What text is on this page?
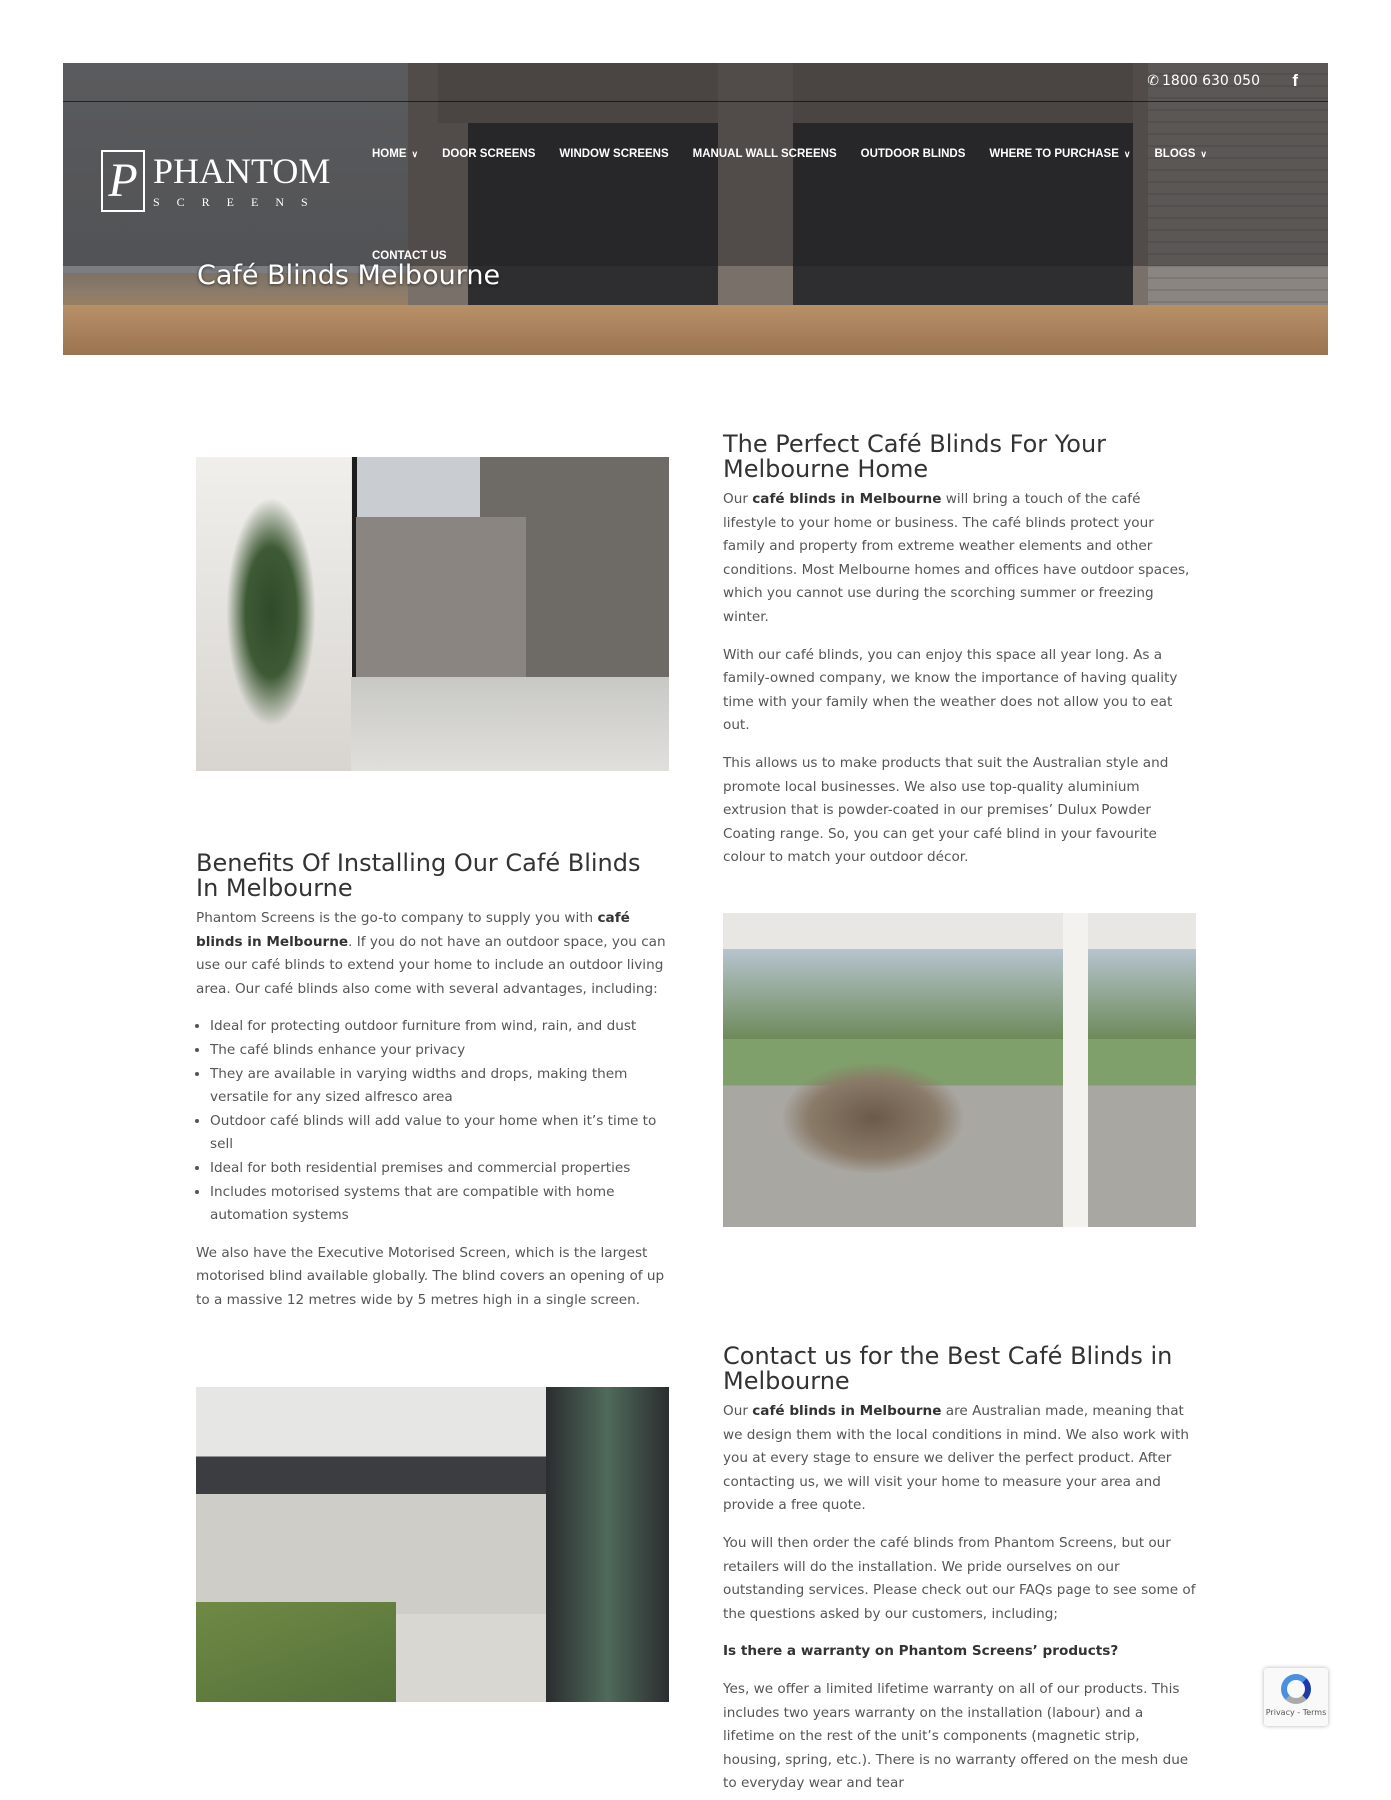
✆ 1800 630 050 f
P PHANTOM
SCREENS
HOME ∨ DOOR SCREENS WINDOW SCREENS MANUAL WALL SCREENS OUTDOOR BLINDS WHERE TO PURCHASE ∨ BLOGS ∨
CONTACT US
Café Blinds Melbourne
The Perfect Café Blinds For Your Melbourne Home

Our café blinds in Melbourne will bring a touch of the café lifestyle to your home or business. The café blinds protect your family and property from extreme weather elements and other conditions. Most Melbourne homes and offices have outdoor spaces, which you cannot use during the scorching summer or freezing winter.

With our café blinds, you can enjoy this space all year long. As a family-owned company, we know the importance of having quality time with your family when the weather does not allow you to eat out.

This allows us to make products that suit the Australian style and promote local businesses. We also use top-quality aluminium extrusion that is powder-coated in our premises’ Dulux Powder Coating range. So, you can get your café blind in your favourite colour to match your outdoor décor.

Benefits Of Installing Our Café Blinds In Melbourne

Phantom Screens is the go-to company to supply you with café blinds in Melbourne. If you do not have an outdoor space, you can use our café blinds to extend your home to include an outdoor living area. Our café blinds also come with several advantages, including:

• Ideal for protecting outdoor furniture from wind, rain, and dust
• The café blinds enhance your privacy
• They are available in varying widths and drops, making them versatile for any sized alfresco area
• Outdoor café blinds will add value to your home when it’s time to sell
• Ideal for both residential premises and commercial properties
• Includes motorised systems that are compatible with home automation systems

We also have the Executive Motorised Screen, which is the largest motorised blind available globally. The blind covers an opening of up to a massive 12 metres wide by 5 metres high in a single screen.

Contact us for the Best Café Blinds in Melbourne

Our café blinds in Melbourne are Australian made, meaning that we design them with the local conditions in mind. We also work with you at every stage to ensure we deliver the perfect product. After contacting us, we will visit your home to measure your area and provide a free quote.

You will then order the café blinds from Phantom Screens, but our retailers will do the installation. We pride ourselves on our outstanding services. Please check out our FAQs page to see some of the questions asked by our customers, including;

Is there a warranty on Phantom Screens’ products?

Yes, we offer a limited lifetime warranty on all of our products. This includes two years warranty on the installation (labour) and a lifetime on the rest of the unit’s components (magnetic strip, housing, spring, etc.). There is no warranty offered on the mesh due to everyday wear and tear

Privacy - Terms
